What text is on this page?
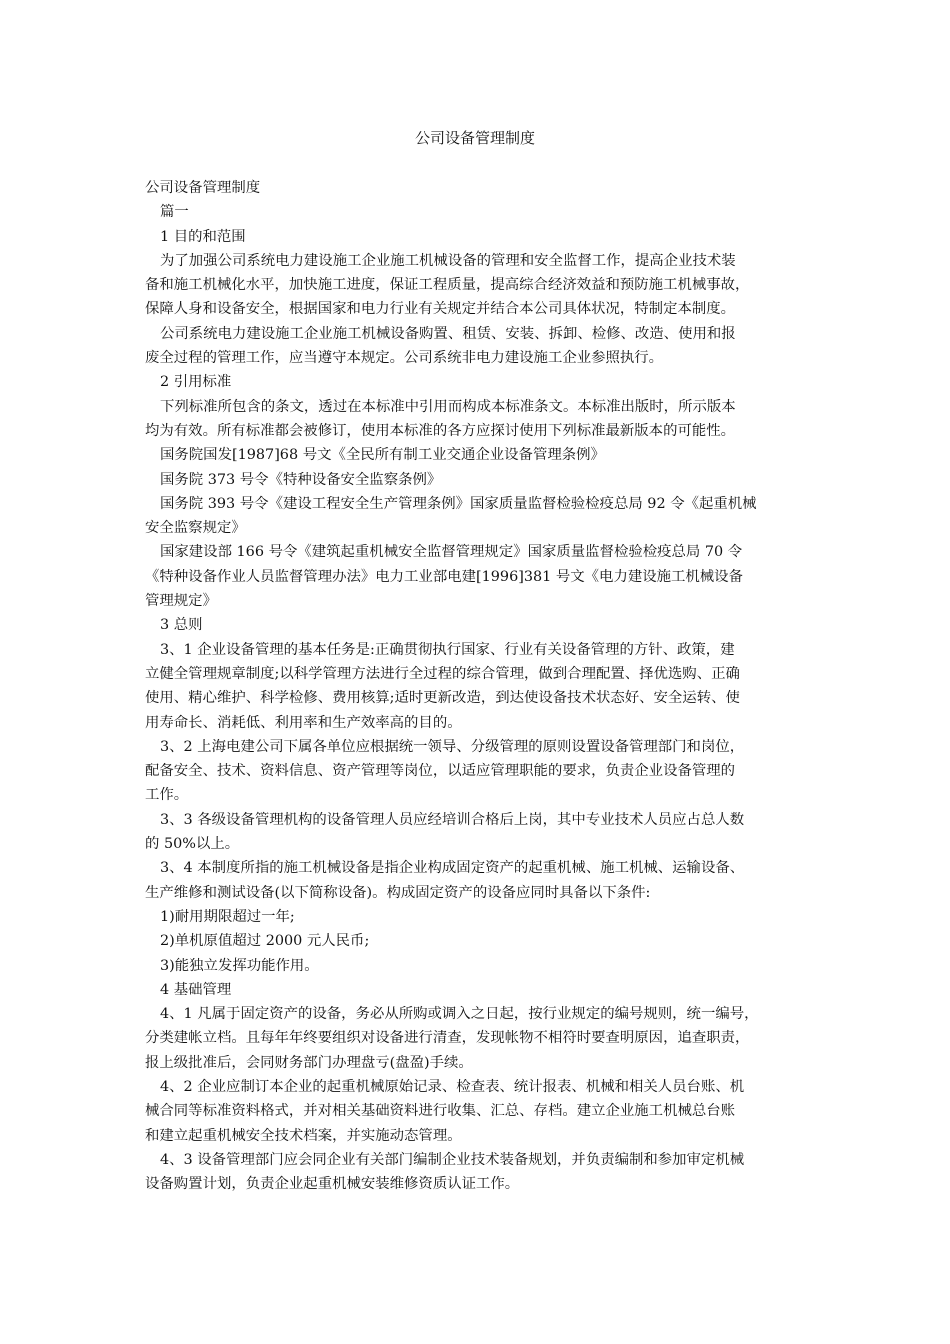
公司设备管理制度

公司设备管理制度

篇一

1 目的和范围

为了加强公司系统电力建设施工企业施工机械设备的管理和安全监督工作，提高企业技术装
备和施工机械化水平，加快施工进度，保证工程质量，提高综合经济效益和预防施工机械事故，
保障人身和设备安全，根据国家和电力行业有关规定并结合本公司具体状况，特制定本制度。

公司系统电力建设施工企业施工机械设备购置、租赁、安装、拆卸、检修、改造、使用和报
废全过程的管理工作，应当遵守本规定。公司系统非电力建设施工企业参照执行。

2 引用标准

下列标准所包含的条文，透过在本标准中引用而构成本标准条文。本标准出版时，所示版本
均为有效。所有标准都会被修订，使用本标准的各方应探讨使用下列标准最新版本的可能性。

国务院国发[1987]68 号文《全民所有制工业交通企业设备管理条例》

国务院 373 号令《特种设备安全监察条例》

国务院 393 号令《建设工程安全生产管理条例》国家质量监督检验检疫总局 92 令《起重机械
安全监察规定》

国家建设部 166 号令《建筑起重机械安全监督管理规定》国家质量监督检验检疫总局 70 令
《特种设备作业人员监督管理办法》电力工业部电建[1996]381 号文《电力建设施工机械设备
管理规定》

3 总则

3、1 企业设备管理的基本任务是:正确贯彻执行国家、行业有关设备管理的方针、政策，建
立健全管理规章制度;以科学管理方法进行全过程的综合管理，做到合理配置、择优选购、正确
使用、精心维护、科学检修、费用核算;适时更新改造，到达使设备技术状态好、安全运转、使
用寿命长、消耗低、利用率和生产效率高的目的。

3、2 上海电建公司下属各单位应根据统一领导、分级管理的原则设置设备管理部门和岗位，
配备安全、技术、资料信息、资产管理等岗位，以适应管理职能的要求，负责企业设备管理的
工作。

3、3 各级设备管理机构的设备管理人员应经培训合格后上岗，其中专业技术人员应占总人数
的 50%以上。

3、4 本制度所指的施工机械设备是指企业构成固定资产的起重机械、施工机械、运输设备、
生产维修和测试设备(以下简称设备)。构成固定资产的设备应同时具备以下条件:

1)耐用期限超过一年;

2)单机原值超过 2000 元人民币;

3)能独立发挥功能作用。

4 基础管理

4、1 凡属于固定资产的设备，务必从所购或调入之日起，按行业规定的编号规则，统一编号，
分类建帐立档。且每年年终要组织对设备进行清查，发现帐物不相符时要查明原因，追查职责，
报上级批准后，会同财务部门办理盘亏(盘盈)手续。

4、2 企业应制订本企业的起重机械原始记录、检查表、统计报表、机械和相关人员台账、机
械合同等标准资料格式，并对相关基础资料进行收集、汇总、存档。建立企业施工机械总台账
和建立起重机械安全技术档案，并实施动态管理。

4、3 设备管理部门应会同企业有关部门编制企业技术装备规划，并负责编制和参加审定机械
设备购置计划，负责企业起重机械安装维修资质认证工作。
